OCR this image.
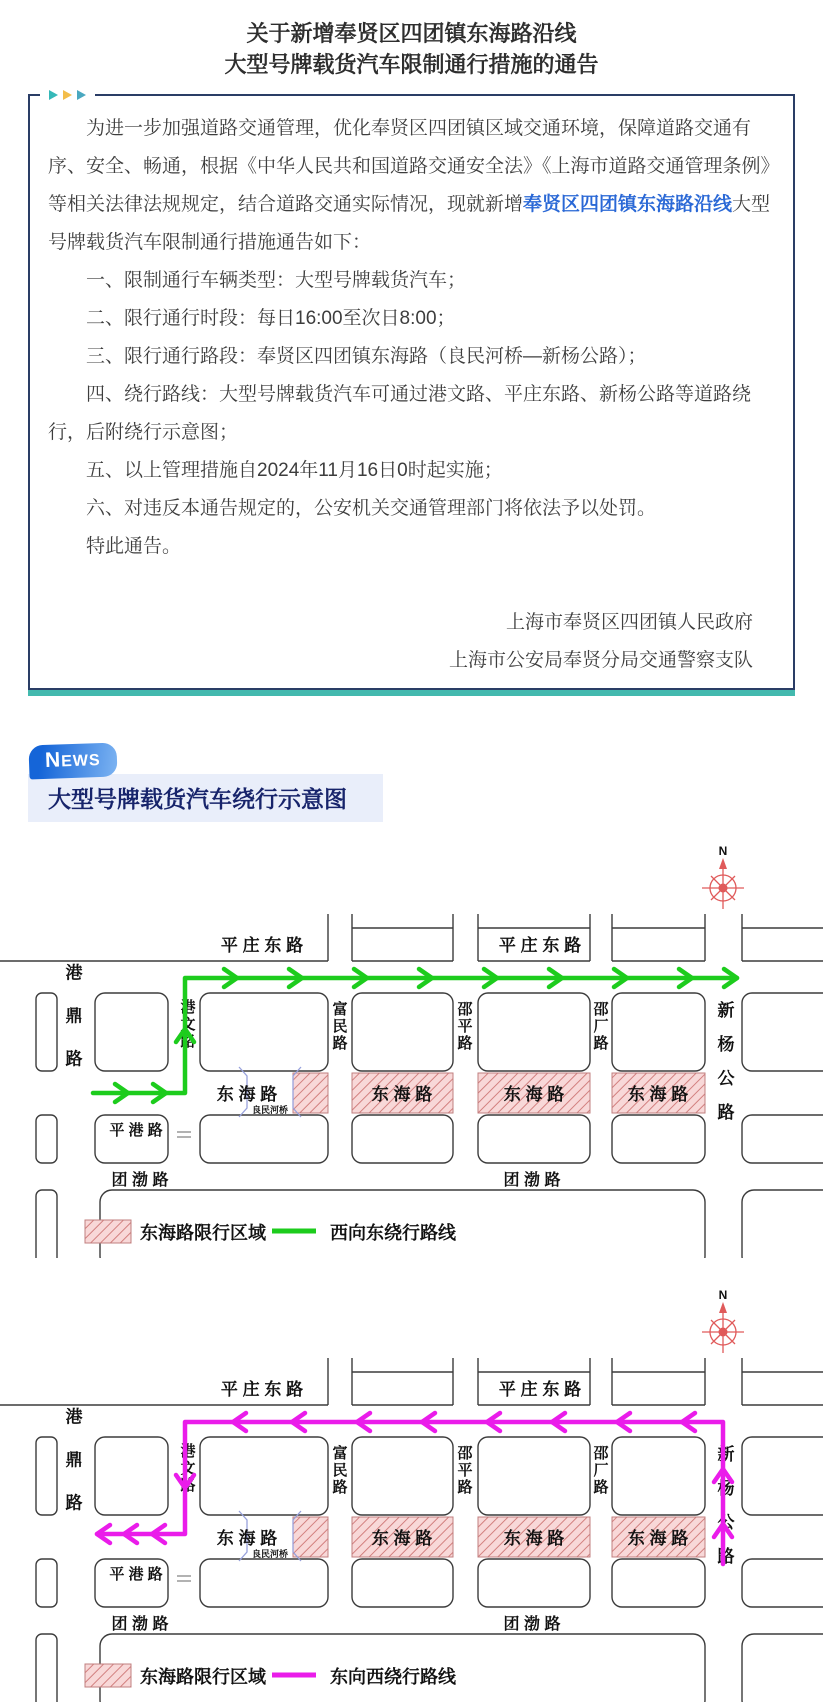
关于新增奉贤区四团镇东海路沿线
大型号牌载货汽车限制通行措施的通告

为进一步加强道路交通管理，优化奉贤区四团镇区域交通环境，保障道路交通有序、安全、畅通，根据《中华人民共和国道路交通安全法》《上海市道路交通管理条例》等相关法律法规规定，结合道路交通实际情况，现就新增奉贤区四团镇东海路沿线大型号牌载货汽车限制通行措施通告如下：

一、限制通行车辆类型：大型号牌载货汽车；
二、限行通行时段：每日16:00至次日8:00；
三、限行通行路段：奉贤区四团镇东海路（良民河桥—新杨公路）；
四、绕行路线：大型号牌载货汽车可通过港文路、平庄东路、新杨公路等道路绕行，后附绕行示意图；
五、以上管理措施自2024年11月16日0时起实施；
六、对违反本通告规定的，公安机关交通管理部门将依法予以处罚。
特此通告。
上海市奉贤区四团镇人民政府
上海市公安局奉贤分局交通警察支队
NEWS
大型号牌载货汽车绕行示意图
平 庄 东 路	平 庄 东 路
东 海 路	东 海 路	东 海 路	东 海 路
良民河桥
平 港 路
团 渤 路	团 渤 路
港鼎路	港文路	富民路	邵平路	邵厂路	新杨公路
N
东海路限行区域	西向东绕行路线
平 庄 东 路	平 庄 东 路
东 海 路	东 海 路	东 海 路	东 海 路
良民河桥
平 港 路
团 渤 路	团 渤 路
港鼎路	港文路	富民路	邵平路	邵厂路	新杨公路
N
东海路限行区域	东向西绕行路线
